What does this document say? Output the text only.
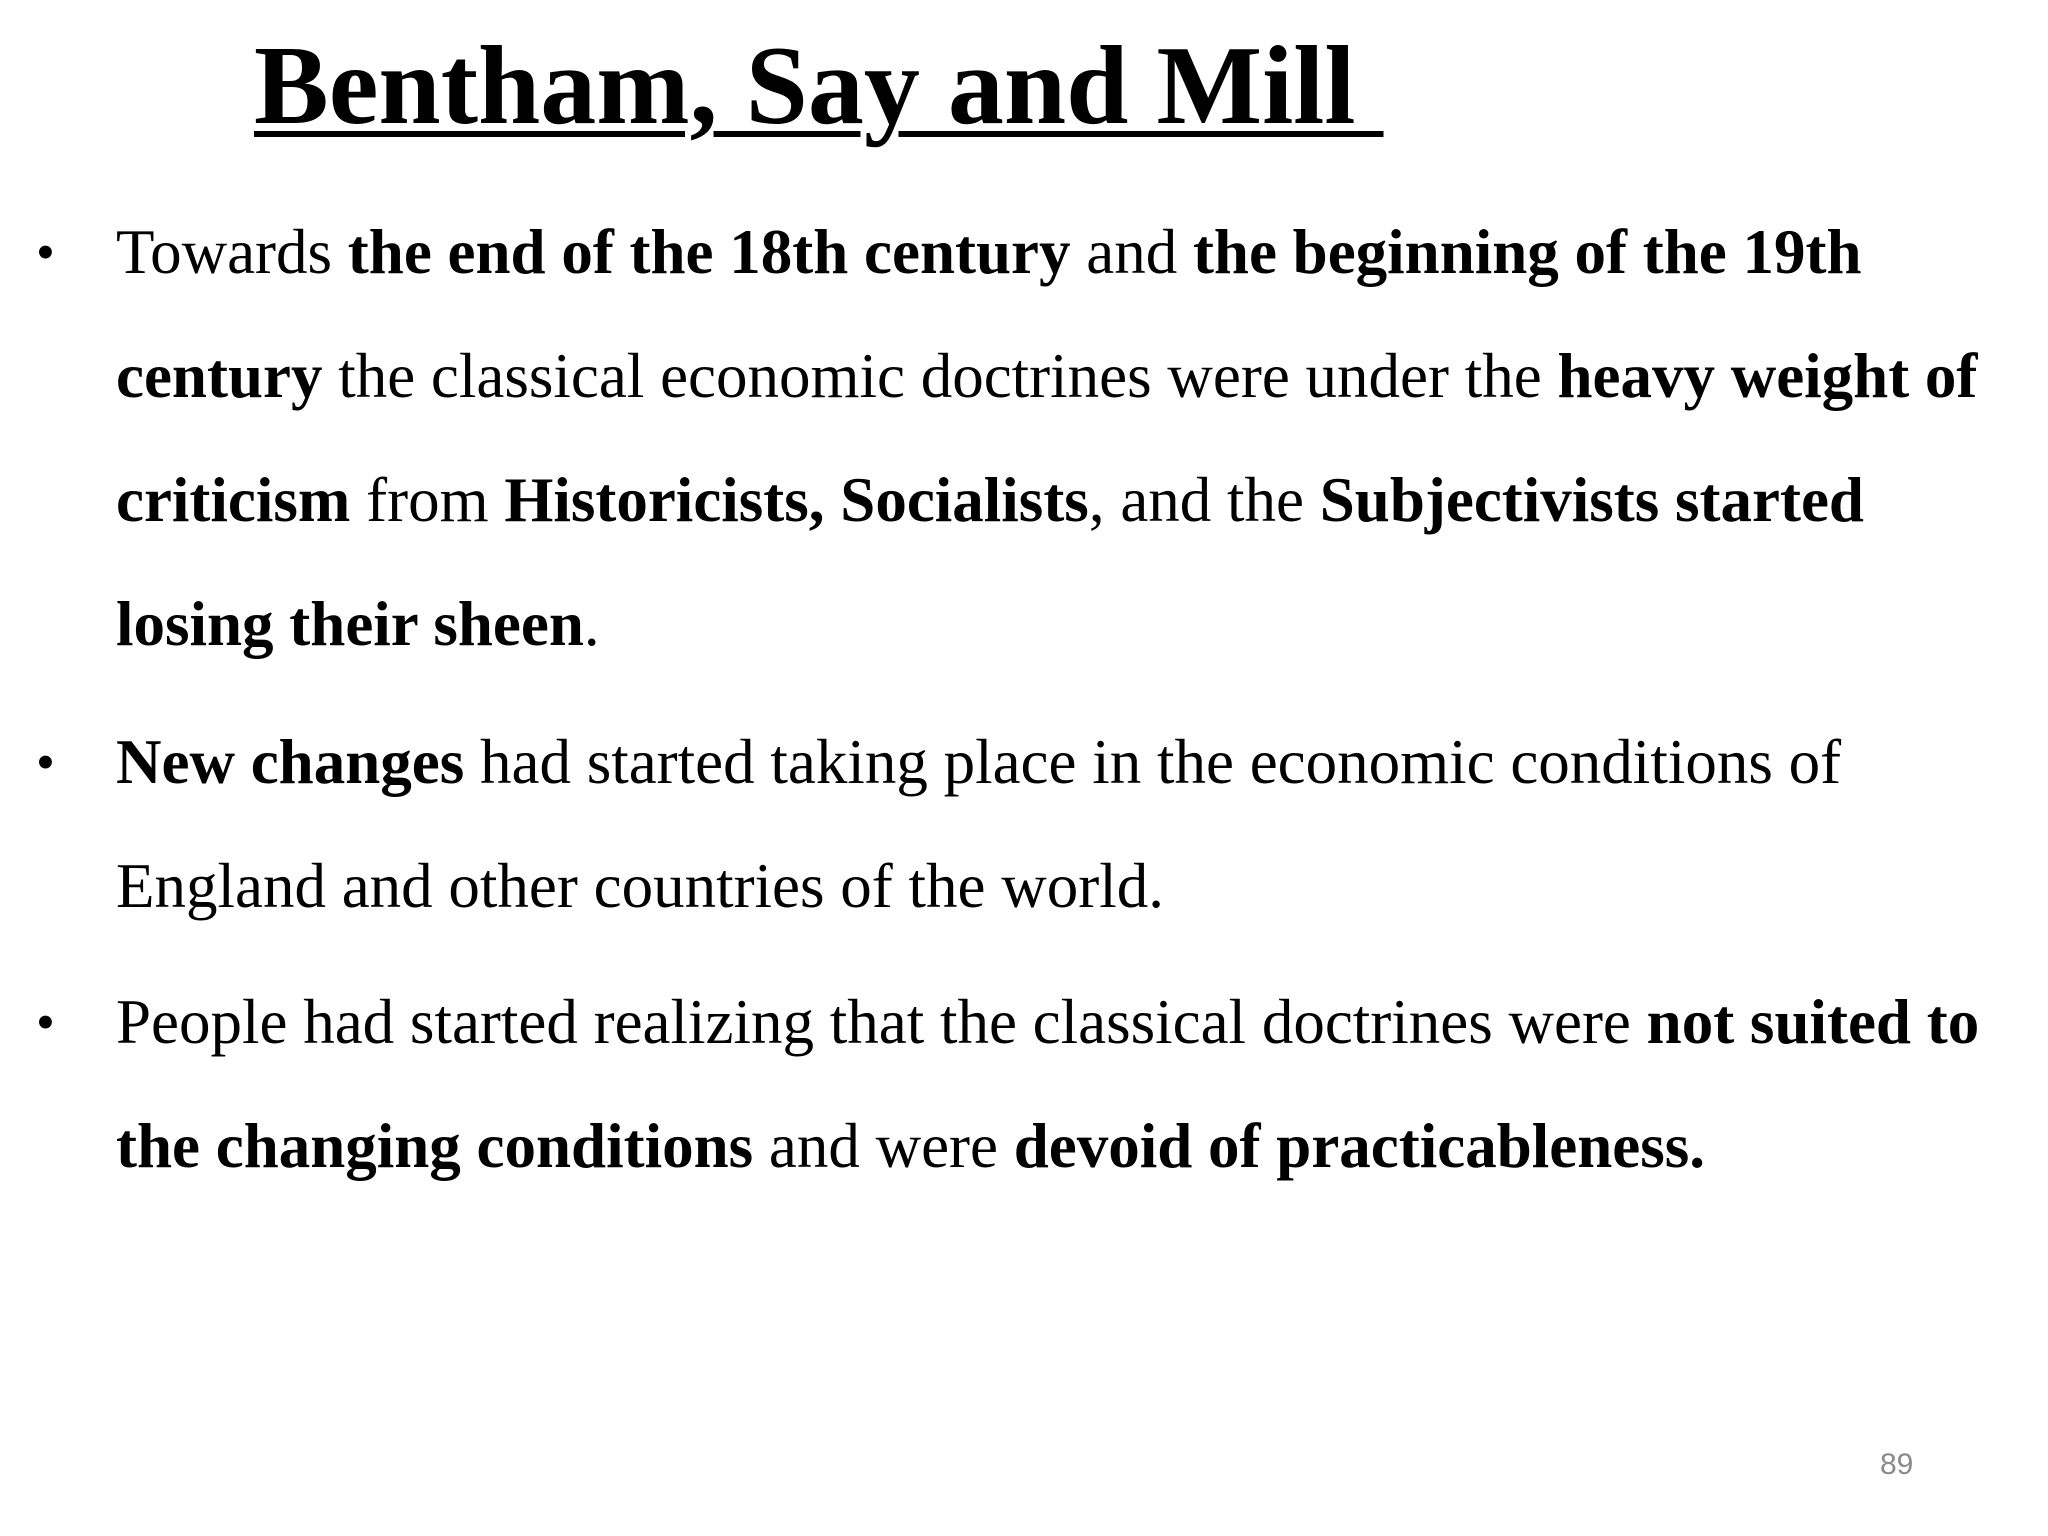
Bentham, Say and Mill
• Towards the end of the 18th century and the beginning of the 19th century the classical economic doctrines were under the heavy weight of criticism from Historicists, Socialists, and the Subjectivists started losing their sheen.
• New changes had started taking place in the economic conditions of England and other countries of the world.
• People had started realizing that the classical doctrines were not suited to the changing conditions and were devoid of practicableness.
89
